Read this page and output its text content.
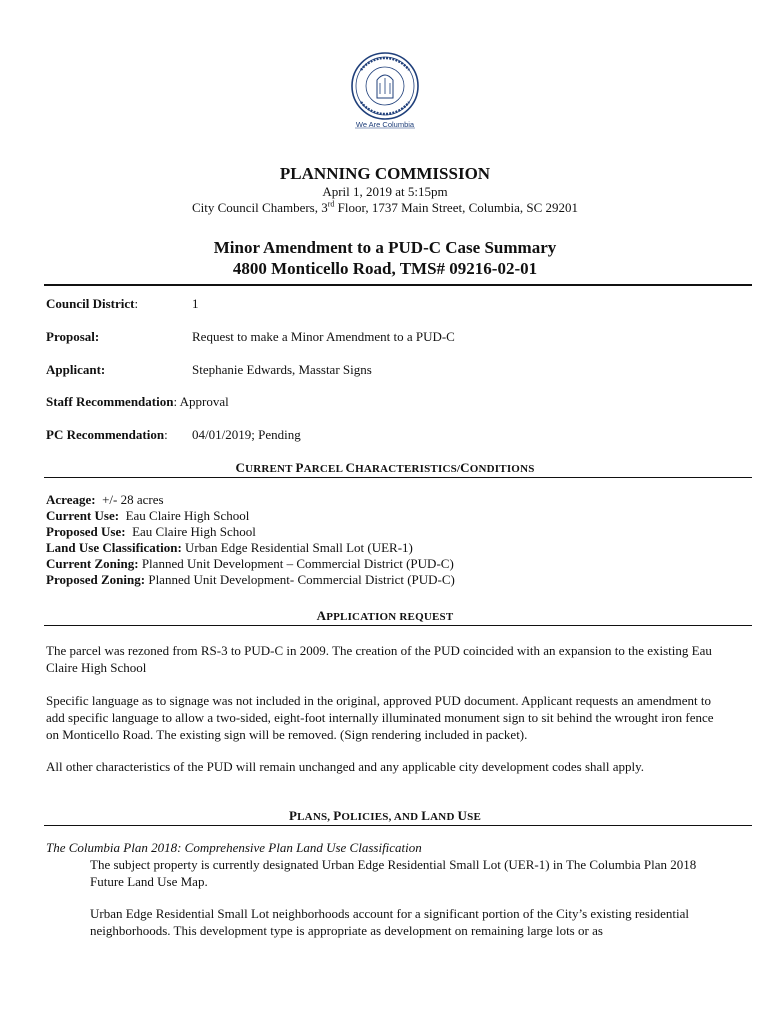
We Are Columbia
PLANNING COMMISSION
April 1, 2019 at 5:15pm
City Council Chambers, 3rd Floor, 1737 Main Street, Columbia, SC 29201
Minor Amendment to a PUD-C Case Summary
4800 Monticello Road, TMS# 09216-02-01
Council District:	1
Proposal:	Request to make a Minor Amendment to a PUD-C
Applicant:	Stephanie Edwards, Masstar Signs
Staff Recommendation: Approval
PC Recommendation: 04/01/2019; Pending
CURRENT PARCEL CHARACTERISTICS/CONDITIONS
Acreage: +/- 28 acres
Current Use: Eau Claire High School
Proposed Use: Eau Claire High School
Land Use Classification: Urban Edge Residential Small Lot (UER-1)
Current Zoning: Planned Unit Development – Commercial District (PUD-C)
Proposed Zoning: Planned Unit Development- Commercial District (PUD-C)
APPLICATION REQUEST
The parcel was rezoned from RS-3 to PUD-C in 2009. The creation of the PUD coincided with an expansion to the existing Eau Claire High School
Specific language as to signage was not included in the original, approved PUD document. Applicant requests an amendment to add specific language to allow a two-sided, eight-foot internally illuminated monument sign to sit behind the wrought iron fence on Monticello Road. The existing sign will be removed. (Sign rendering included in packet).
All other characteristics of the PUD will remain unchanged and any applicable city development codes shall apply.
PLANS, POLICIES, AND LAND USE
The Columbia Plan 2018: Comprehensive Plan Land Use Classification
The subject property is currently designated Urban Edge Residential Small Lot (UER-1) in The Columbia Plan 2018 Future Land Use Map.
Urban Edge Residential Small Lot neighborhoods account for a significant portion of the City’s existing residential neighborhoods. This development type is appropriate as development on remaining large lots or as
